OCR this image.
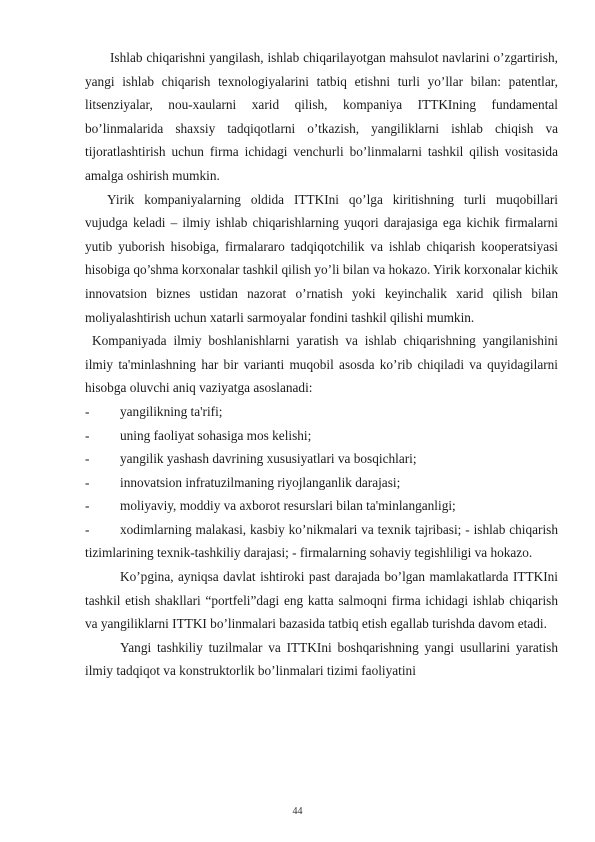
Ishlab chiqarishni yangilash, ishlab chiqarilayotgan mahsulot navlarini o’zgartirish, yangi ishlab chiqarish texnologiyalarini tatbiq etishni turli yo’llar bilan: patentlar, litsenziyalar, nou-xaularni xarid qilish, kompaniya ITTKIning fundamental bo’linmalarida shaxsiy tadqiqotlarni o’tkazish, yangiliklarni ishlab chiqish va tijoratlashtirish uchun firma ichidagi venchurli bo’linmalarni tashkil qilish vositasida amalga oshirish mumkin.

Yirik kompaniyalarning oldida ITTKIni qo’lga kiritishning turli muqobillari vujudga keladi – ilmiy ishlab chiqarishlarning yuqori darajasiga ega kichik firmalarni yutib yuborish hisobiga, firmalararo tadqiqotchilik va ishlab chiqarish kooperatsiyasi hisobiga qo’shma korxonalar tashkil qilish yo’li bilan va hokazo. Yirik korxonalar kichik innovatsion biznes ustidan nazorat o’rnatish yoki keyinchalik xarid qilish bilan moliyalashtirish uchun xatarli sarmoyalar fondini tashkil qilishi mumkin.

Kompaniyada ilmiy boshlanishlarni yaratish va ishlab chiqarishning yangilanishini ilmiy ta'minlashning har bir varianti muqobil asosda ko’rib chiqiladi va quyidagilarni hisobga oluvchi aniq vaziyatga asoslanadi:

-	yangilikning ta'rifi;
-	uning faoliyat sohasiga mos kelishi;
-	yangilik yashash davrining xususiyatlari va bosqichlari;
-	innovatsion infratuzilmaning riyojlanganlik darajasi;
-	moliyaviy, moddiy va axborot resurslari bilan ta'minlanganligi;

- xodimlarning malakasi, kasbiy ko’nikmalari va texnik tajribasi; - ishlab chiqarish tizimlarining texnik-tashkiliy darajasi; - firmalarning sohaviy tegishliligi va hokazo.

Ko’pgina, ayniqsa davlat ishtiroki past darajada bo’lgan mamlakatlarda ITTKIni tashkil etish shakllari “portfeli”dagi eng katta salmoqni firma ichidagi ishlab chiqarish va yangiliklarni ITTKI bo’linmalari bazasida tatbiq etish egallab turishda davom etadi.

Yangi tashkiliy tuzilmalar va ITTKIni boshqarishning yangi usullarini yaratish ilmiy tadqiqot va konstruktorlik bo’linmalari tizimi faoliyatini

44
